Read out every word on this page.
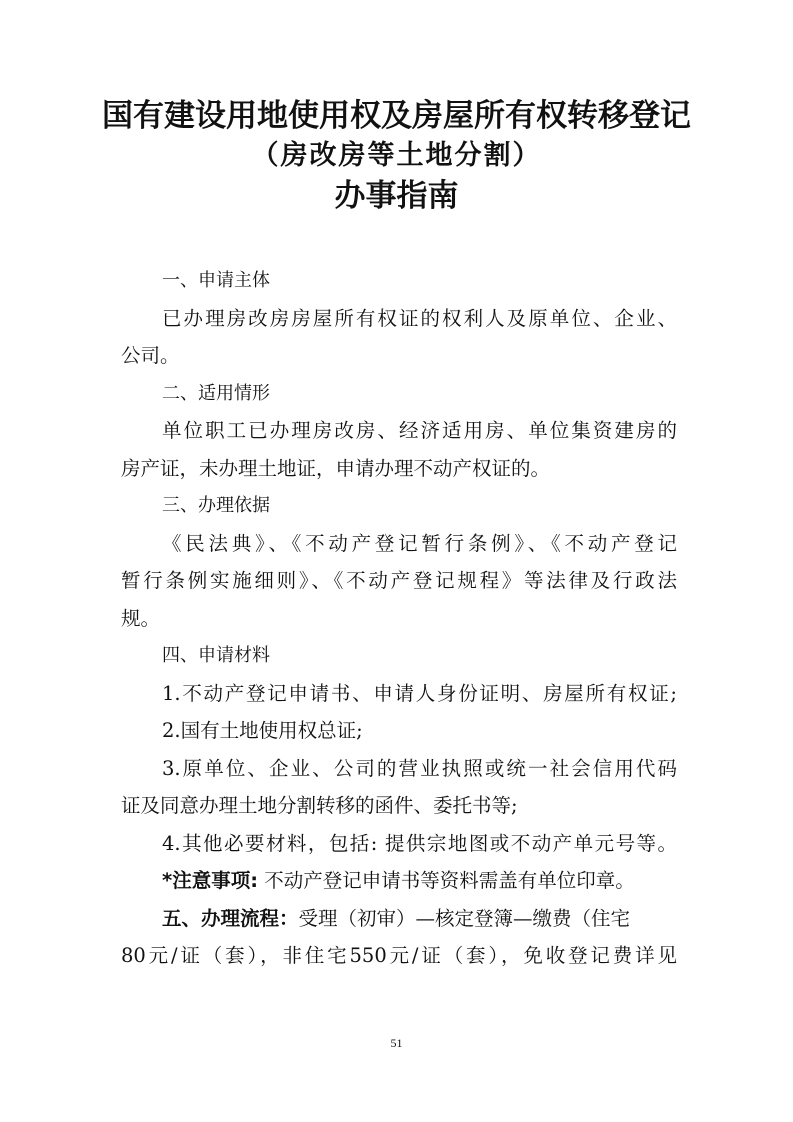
国有建设用地使用权及房屋所有权转移登记
（房改房等土地分割）
办事指南
一、申请主体
已办理房改房房屋所有权证的权利人及原单位、企业、
公司。
二、适用情形
单位职工已办理房改房、经济适用房、单位集资建房的
房产证，未办理土地证，申请办理不动产权证的。
三、办理依据
《民法典》、《不动产登记暂行条例》、《不动产登记
暂行条例实施细则》、《不动产登记规程》等法律及行政法
规。
四、申请材料
1.不动产登记申请书、申请人身份证明、房屋所有权证;
2.国有土地使用权总证;
3.原单位、企业、公司的营业执照或统一社会信用代码
证及同意办理土地分割转移的函件、委托书等;
4.其他必要材料，包括: 提供宗地图或不动产单元号等。
*注意事项: 不动产登记申请书等资料需盖有单位印章。
五、办理流程：受理（初审）—核定登簿—缴费（住宅
80元/证（套），非住宅550元/证（套），免收登记费详见
51
